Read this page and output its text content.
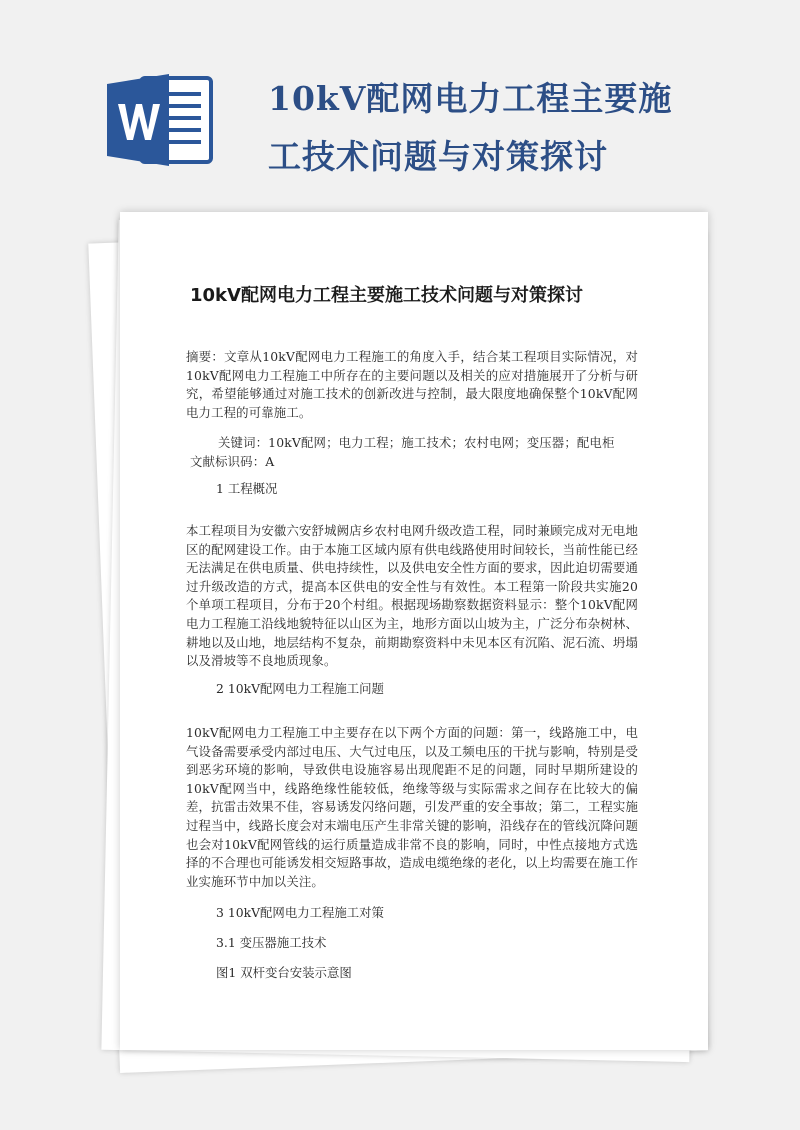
10kV配网电力工程主要施
工技术问题与对策探讨
10kV配网电力工程主要施工技术问题与对策探讨
摘要：文章从10kV配网电力工程施工的角度入手，结合某工程项目实际情况，对10kV配网电力工程施工中所存在的主要问题以及相关的应对措施展开了分析与研究，希望能够通过对施工技术的创新改进与控制，最大限度地确保整个10kV配网电力工程的可靠施工。
关键词：10kV配网；电力工程；施工技术；农村电网；变压器；配电柜
文献标识码：A
1 工程概况
本工程项目为安徽六安舒城阙店乡农村电网升级改造工程，同时兼顾完成对无电地区的配网建设工作。由于本施工区域内原有供电线路使用时间较长，当前性能已经无法满足在供电质量、供电持续性，以及供电安全性方面的要求，因此迫切需要通过升级改造的方式，提高本区供电的安全性与有效性。本工程第一阶段共实施20个单项工程项目，分布于20个村组。根据现场勘察数据资料显示：整个10kV配网电力工程施工沿线地貌特征以山区为主，地形方面以山坡为主，广泛分布杂树林、耕地以及山地，地层结构不复杂，前期勘察资料中未见本区有沉陷、泥石流、坍塌以及滑坡等不良地质现象。
2 10kV配网电力工程施工问题
10kV配网电力工程施工中主要存在以下两个方面的问题：第一，线路施工中，电气设备需要承受内部过电压、大气过电压，以及工频电压的干扰与影响，特别是受到恶劣环境的影响，导致供电设施容易出现爬距不足的问题，同时早期所建设的10kV配网当中，线路绝缘性能较低，绝缘等级与实际需求之间存在比较大的偏差，抗雷击效果不佳，容易诱发闪络问题，引发严重的安全事故；第二，工程实施过程当中，线路长度会对末端电压产生非常关键的影响，沿线存在的管线沉降问题也会对10kV配网管线的运行质量造成非常不良的影响，同时，中性点接地方式选择的不合理也可能诱发相交短路事故，造成电缆绝缘的老化，以上均需要在施工作业实施环节中加以关注。
3 10kV配网电力工程施工对策
3.1 变压器施工技术
图1 双杆变台安装示意图
